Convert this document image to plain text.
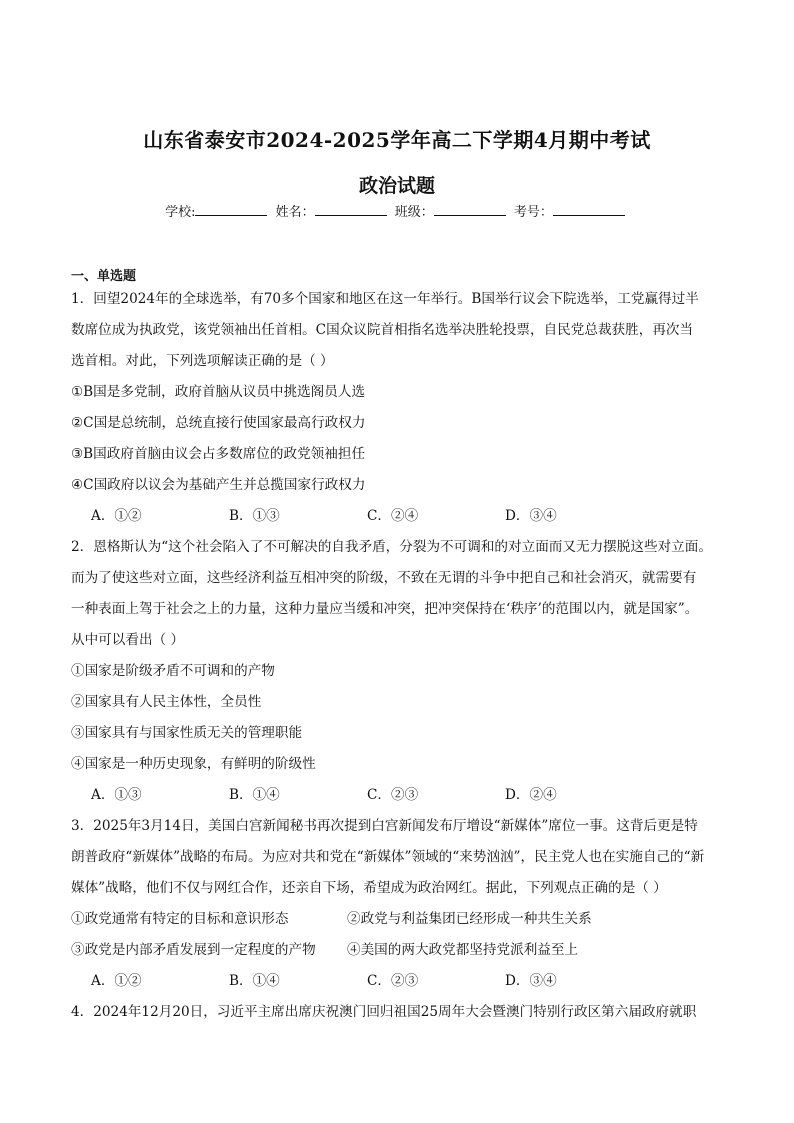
山东省泰安市2024-2025学年高二下学期4月期中考试
政治试题
学校:	姓名：	班级：	考号：
一、单选题
1．回望2024年的全球选举，有70多个国家和地区在这一年举行。B国举行议会下院选举，工党赢得过半
数席位成为执政党，该党领袖出任首相。C国众议院首相指名选举决胜轮投票，自民党总裁获胜，再次当
选首相。对此，下列选项解读正确的是（ ）
①B国是多党制，政府首脑从议员中挑选阁员人选
②C国是总统制，总统直接行使国家最高行政权力
③B国政府首脑由议会占多数席位的政党领袖担任
④C国政府以议会为基础产生并总揽国家行政权力
A．①②	B．①③	C．②④	D．③④
2．恩格斯认为“这个社会陷入了不可解决的自我矛盾，分裂为不可调和的对立面而又无力摆脱这些对立面。
而为了使这些对立面，这些经济利益互相冲突的阶级，不致在无谓的斗争中把自己和社会消灭，就需要有
一种表面上驾于社会之上的力量，这种力量应当缓和冲突，把冲突保持在‘秩序’的范围以内，就是国家”。
从中可以看出（ ）
①国家是阶级矛盾不可调和的产物
②国家具有人民主体性，全员性
③国家具有与国家性质无关的管理职能
④国家是一种历史现象，有鲜明的阶级性
A．①③	B．①④	C．②③	D．②④
3．2025年3月14日，美国白宫新闻秘书再次提到白宫新闻发布厅增设“新媒体”席位一事。这背后更是特
朗普政府“新媒体”战略的布局。为应对共和党在“新媒体”领域的“来势汹汹”，民主党人也在实施自己的“新
媒体”战略，他们不仅与网红合作，还亲自下场，希望成为政治网红。据此，下列观点正确的是（ ）
①政党通常有特定的目标和意识形态	②政党与利益集团已经形成一种共生关系
③政党是内部矛盾发展到一定程度的产物 ④美国的两大政党都坚持党派利益至上
A．①②	B．①④	C．②③	D．③④
4．2024年12月20日，习近平主席出席庆祝澳门回归祖国25周年大会暨澳门特别行政区第六届政府就职
